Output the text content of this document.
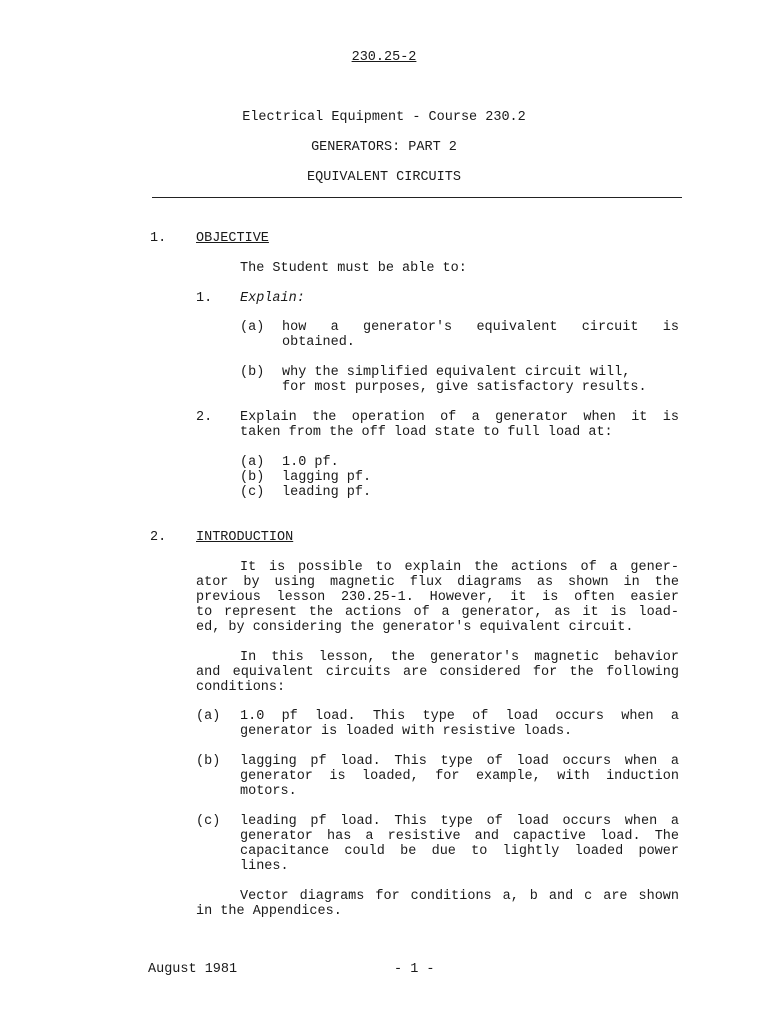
230.25-2
Electrical Equipment - Course 230.2
GENERATORS: PART 2
EQUIVALENT CIRCUITS
1. OBJECTIVE
The Student must be able to:
1. Explain:
(a) how a generator's equivalent circuit is
obtained.
(b) why the simplified equivalent circuit will,
for most purposes, give satisfactory results.
2. Explain the operation of a generator when it is
taken from the off load state to full load at:
(a) 1.0 pf.
(b) lagging pf.
(c) leading pf.
2. INTRODUCTION
It is possible to explain the actions of a gener-
ator by using magnetic flux diagrams as shown in the
previous lesson 230.25-1. However, it is often easier
to represent the actions of a generator, as it is load-
ed, by considering the generator's equivalent circuit.
In this lesson, the generator's magnetic behavior
and equivalent circuits are considered for the following
conditions:
(a) 1.0 pf load. This type of load occurs when a
generator is loaded with resistive loads.
(b) lagging pf load. This type of load occurs when a
generator is loaded, for example, with induction
motors.
(c) leading pf load. This type of load occurs when a
generator has a resistive and capactive load. The
capacitance could be due to lightly loaded power
lines.
Vector diagrams for conditions a, b and c are shown
in the Appendices.
August 1981	- 1 -
